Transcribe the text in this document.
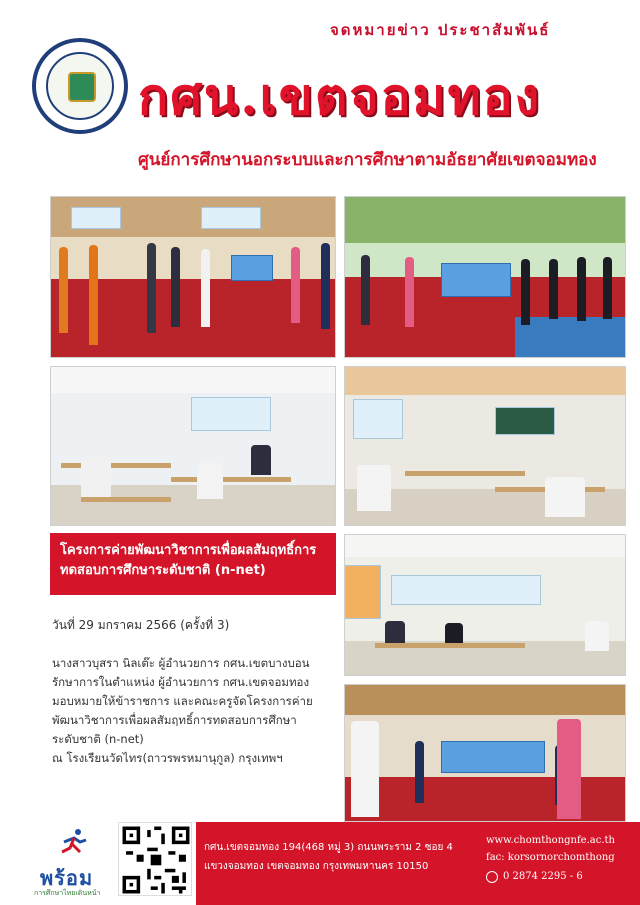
จดหมายข่าว ประชาสัมพันธ์
กศน.เขตจอมทอง
ศูนย์การศึกษานอกระบบและการศึกษาตามอัธยาศัยเขตจอมทอง
โครงการค่ายพัฒนาวิชาการเพื่อผลสัมฤทธิ์การทดสอบการศึกษาระดับชาติ (n-net)
วันที่ 29 มกราคม 2566 (ครั้งที่ 3)
นางสาวบุสรา นิลเต๊ะ ผู้อำนวยการ กศน.เขตบางบอน
รักษาการในตำแหน่ง ผู้อำนวยการ กศน.เขตจอมทอง
มอบหมายให้ข้าราชการ และคณะครูจัดโครงการค่าย
พัฒนาวิชาการเพื่อผลสัมฤทธิ์การทดสอบการศึกษา
ระดับชาติ (n-net)
ณ โรงเรียนวัดไทร(ถาวรพรหมานุกูล) กรุงเทพฯ
พร้อม
การศึกษาไทยเดินหน้า
กศน.เขตจอมทอง 194(468 หมู่ 3) ถนนพระราม 2 ซอย 4
แขวงจอมทอง เขตจอมทอง กรุงเทพมหานคร 10150
www.chomthongnfe.ac.th
fac: korsornorchomthong
0 2874 2295 - 6
